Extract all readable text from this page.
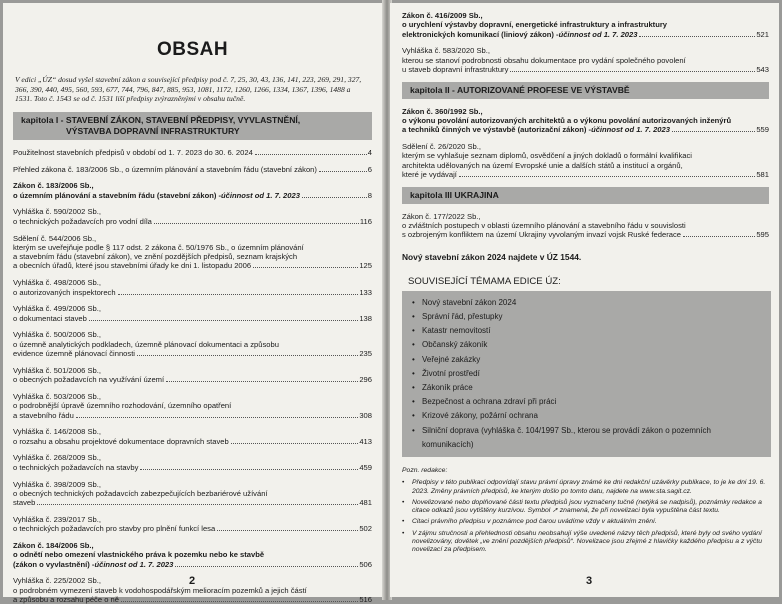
OBSAH
V edici „ÚZ“ dosud vyšel stavební zákon a související předpisy pod č. 7, 25, 30, 43, 136, 141, 223, 269, 291, 327, 366, 390, 440, 495, 560, 593, 677, 744, 796, 847, 885, 953, 1081, 1172, 1260, 1266, 1334, 1367, 1396, 1488 a 1531. Toto č. 1543 se od č. 1531 liší předpisy zvýrazněnými v obsahu tučně.
kapitola I - STAVEBNÍ ZÁKON, STAVEBNÍ PŘEDPISY, VYVLASTNĚNÍ,
VÝSTAVBA DOPRAVNÍ INFRASTRUKTURY
Použitelnost stavebních předpisů v období od 1. 7. 2023 do 30. 6. 2024	4
Přehled zákona č. 183/2006 Sb., o územním plánování a stavebním řádu (stavební zákon)	6
Zákon č. 183/2006 Sb.,
o územním plánování a stavebním řádu (stavební zákon) - účinnost od 1. 7. 2023	8
Vyhláška č. 590/2002 Sb.,
o technických požadavcích pro vodní díla	116
Sdělení č. 544/2006 Sb.,
kterým se uveřejňuje podle § 117 odst. 2 zákona č. 50/1976 Sb., o územním plánování
a stavebním řádu (stavební zákon), ve znění pozdějších předpisů, seznam krajských
a obecních úřadů, které jsou stavebními úřady ke dni 1. listopadu 2006	125
Vyhláška č. 498/2006 Sb.,
o autorizovaných inspektorech	133
Vyhláška č. 499/2006 Sb.,
o dokumentaci staveb	138
Vyhláška č. 500/2006 Sb.,
o územně analytických podkladech, územně plánovací dokumentaci a způsobu
evidence územně plánovací činnosti	235
Vyhláška č. 501/2006 Sb.,
o obecných požadavcích na využívání území	296
Vyhláška č. 503/2006 Sb.,
o podrobnější úpravě územního rozhodování, územního opatření
a stavebního řádu	308
Vyhláška č. 146/2008 Sb.,
o rozsahu a obsahu projektové dokumentace dopravních staveb	413
Vyhláška č. 268/2009 Sb.,
o technických požadavcích na stavby	459
Vyhláška č. 398/2009 Sb.,
o obecných technických požadavcích zabezpečujících bezbariérové užívání
staveb	481
Vyhláška č. 239/2017 Sb.,
o technických požadavcích pro stavby pro plnění funkcí lesa	502
Zákon č. 184/2006 Sb.,
o odnětí nebo omezení vlastnického práva k pozemku nebo ke stavbě
(zákon o vyvlastnění) - účinnost od 1. 7. 2023	506
Vyhláška č. 225/2002 Sb.,
o podrobném vymezení staveb k vodohospodářským melioracím pozemků a jejich částí
a způsobu a rozsahu péče o ně	516
2
Zákon č. 416/2009 Sb.,
o urychlení výstavby dopravní, energetické infrastruktury a infrastruktury
elektronických komunikací (liniový zákon) - účinnost od 1. 7. 2023	521
Vyhláška č. 583/2020 Sb.,
kterou se stanoví podrobnosti obsahu dokumentace pro vydání společného povolení
u staveb dopravní infrastruktury	543
kapitola II - AUTORIZOVANÉ PROFESE VE VÝSTAVBĚ
Zákon č. 360/1992 Sb.,
o výkonu povolání autorizovaných architektů a o výkonu povolání autorizovaných inženýrů
a techniků činných ve výstavbě (autorizační zákon) - účinnost od 1. 7. 2023	559
Sdělení č. 26/2020 Sb.,
kterým se vyhlašuje seznam diplomů, osvědčení a jiných dokladů o formální kvalifikaci
architekta udělovaných na území Evropské unie a dalších států a institucí a orgánů,
které je vydávají	581
kapitola III UKRAJINA
Zákon č. 177/2022 Sb.,
o zvláštních postupech v oblasti územního plánování a stavebního řádu v souvislosti
s ozbrojeným konfliktem na území Ukrajiny vyvolaným invazí vojsk Ruské federace	595
Nový stavební zákon 2024 najdete v ÚZ 1544.
SOUVISEJÍCÍ TÉMAMA EDICE ÚZ:
• Nový stavební zákon 2024
• Správní řád, přestupky
• Katastr nemovitostí
• Občanský zákoník
• Veřejné zakázky
• Životní prostředí
• Zákoník práce
• Bezpečnost a ochrana zdraví při práci
• Krizové zákony, požární ochrana
• Silniční doprava (vyhláška č. 104/1997 Sb., kterou se provádí zákon o pozemních komunikacích)
Pozn. redakce:
•	Předpisy v této publikaci odpovídají stavu právní úpravy známé ke dni redakční uzávěrky publikace, to je ke dni 19. 6. 2023. Změny právních předpisů, ke kterým došlo po tomto datu, najdete na www.sta.sagit.cz.
•	Novelizované nebo doplňované části textu předpisů jsou vyznačeny tučně (netýká se nadpisů), poznámky redakce a citace odkazů jsou vytištěny kurzívou. Symbol ➚ znamená, že při novelizaci byla vypuštěna část textu.
•	Citaci právního předpisu v poznámce pod čarou uvádíme vždy v aktuálním znění.
•	V zájmu stručnosti a přehlednosti obsahu neobsahují výše uvedené názvy těch předpisů, které byly od svého vydání novelizovány, dovětek „ve znění pozdějších předpisů“. Novelizace jsou zřejmé z hlavičky každého předpisu a z výčtu novelizací za předpisem.
3
